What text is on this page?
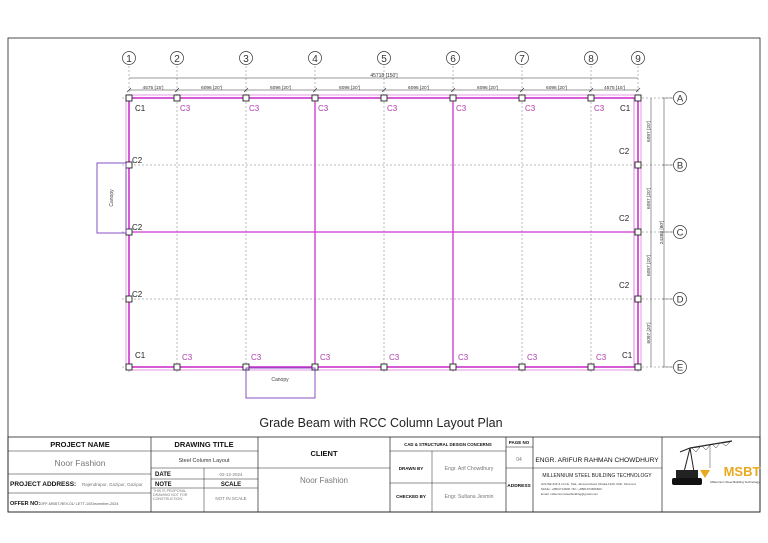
1	2	3	4	5	6	7	8	9
A
B
C
D
E
45718 [150']
4575 [15']	6096 [20']	6096 [20']	6096 [20']	6096 [20']	6096 [20']	6096 [20']	4575 [15']
6097 [20']
6097 [20']
6097 [20']
6097 [20']
24388 [80']
C1	C3	C3	C3	C3	C3	C3	C3 C1
C2
C2
C2
C2
C2
C2
C1	C3	C3	C3	C3	C3	C3	C3 C1
Canopy
Canopy
Grade Beam with RCC Column Layout Plan
PROJECT NAME
Noor Fashion
PROJECT ADDRESS: Rajendrapur, Gazipur, Gazipur
OFFER NO: OFF-MSBT-REV-01/ LETT-10/December-2024
DRAWING TITLE
Steel Column Layout
DATE	02-12-2024
NOTE	SCALE
THIS IS PROPOSAL DRAWING NOT FOR CONSTRUCTION	NOT IN SCALE
CLIENT
Noor Fashion
CAD & STRUCTURAL DESIGN CONCERNS
DRAWN BY	Engr. Arif Chowdhury
CHECKED BY	Engr. Sultana Jesmin
PAGE NO
04
ADDRESS
ENGR. ARIFUR RAHMAN CHOWDHURY
MILLENNIUM STEEL BUILDING TECHNOLOGY
HOUSE #46 & 14 No. Tala, Jamuna Road, Dhaka-1229, Mob: 01xxxxxx
Mobile: +8801714608 / 82 / +8801974606600
Email: millenniumsteelbuilding@gmail.com
MSBT
Millennium Steel Building Technology
